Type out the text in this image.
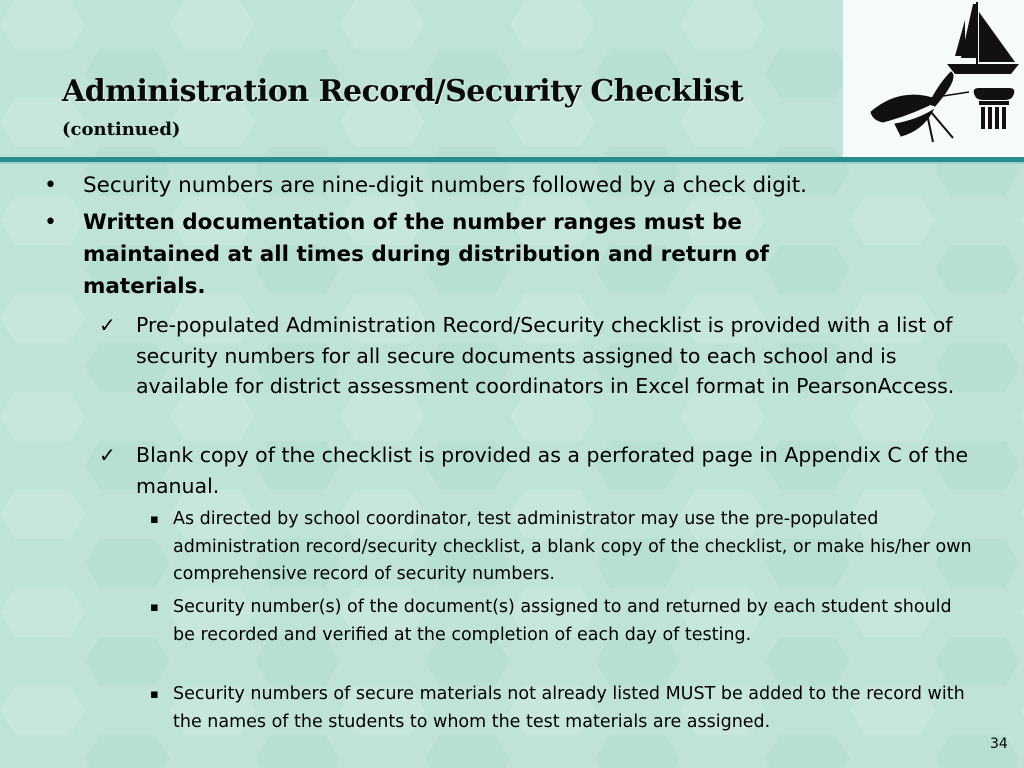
Administration Record/Security Checklist
(continued)
• Security numbers are nine-digit numbers followed by a check digit.
• Written documentation of the number ranges must be maintained at all times during distribution and return of materials.
✓ Pre-populated Administration Record/Security checklist is provided with a list of security numbers for all secure documents assigned to each school and is available for district assessment coordinators in Excel format in PearsonAccess.
✓ Blank copy of the checklist is provided as a perforated page in Appendix C of the manual.
▪ As directed by school coordinator, test administrator may use the pre-populated administration record/security checklist, a blank copy of the checklist, or make his/her own comprehensive record of security numbers.
▪ Security number(s) of the document(s) assigned to and returned by each student should be recorded and verified at the completion of each day of testing.
▪ Security numbers of secure materials not already listed MUST be added to the record with the names of the students to whom the test materials are assigned.
34
